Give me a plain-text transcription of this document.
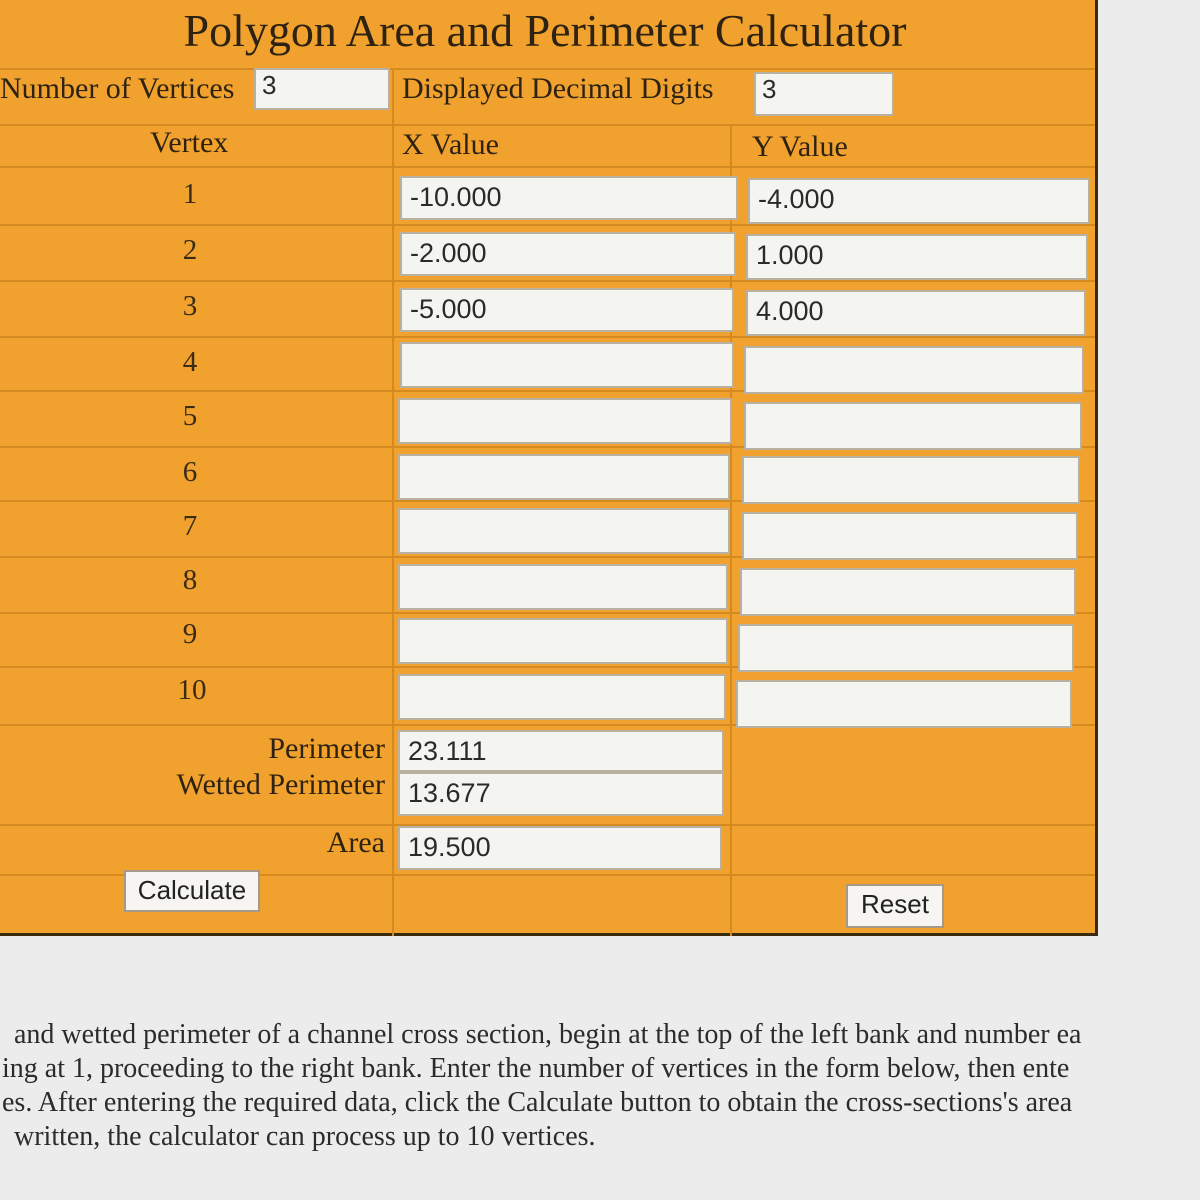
Polygon Area and Perimeter Calculator
Number of Vertices	3	Displayed Decimal Digits	3
Vertex	X Value	Y Value
1	-10.000	-4.000
2	-2.000	1.000
3	-5.000	4.000
4
5
6
7
8
9
10
Perimeter 23.111
Wetted Perimeter 13.677
Area 19.500
Calculate	Reset
and wetted perimeter of a channel cross section, begin at the top of the left bank and number ea
ing at 1, proceeding to the right bank. Enter the number of vertices in the form below, then ente
es. After entering the required data, click the Calculate button to obtain the cross-sections's area
written, the calculator can process up to 10 vertices.
